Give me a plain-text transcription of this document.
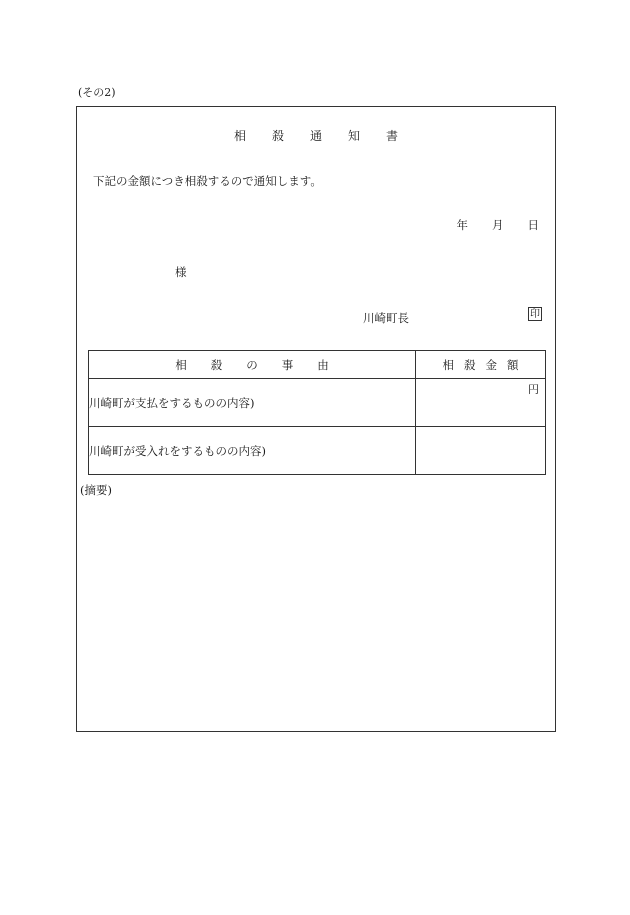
(その2)
相 殺 通 知 書
下記の金額につき相殺するので通知します。
年 月 日
様
川崎町長	印
相 殺 の 事 由	相 殺 金 額
川崎町が支払をするものの内容)	円

川崎町が受入れをするものの内容)	
(摘要)
